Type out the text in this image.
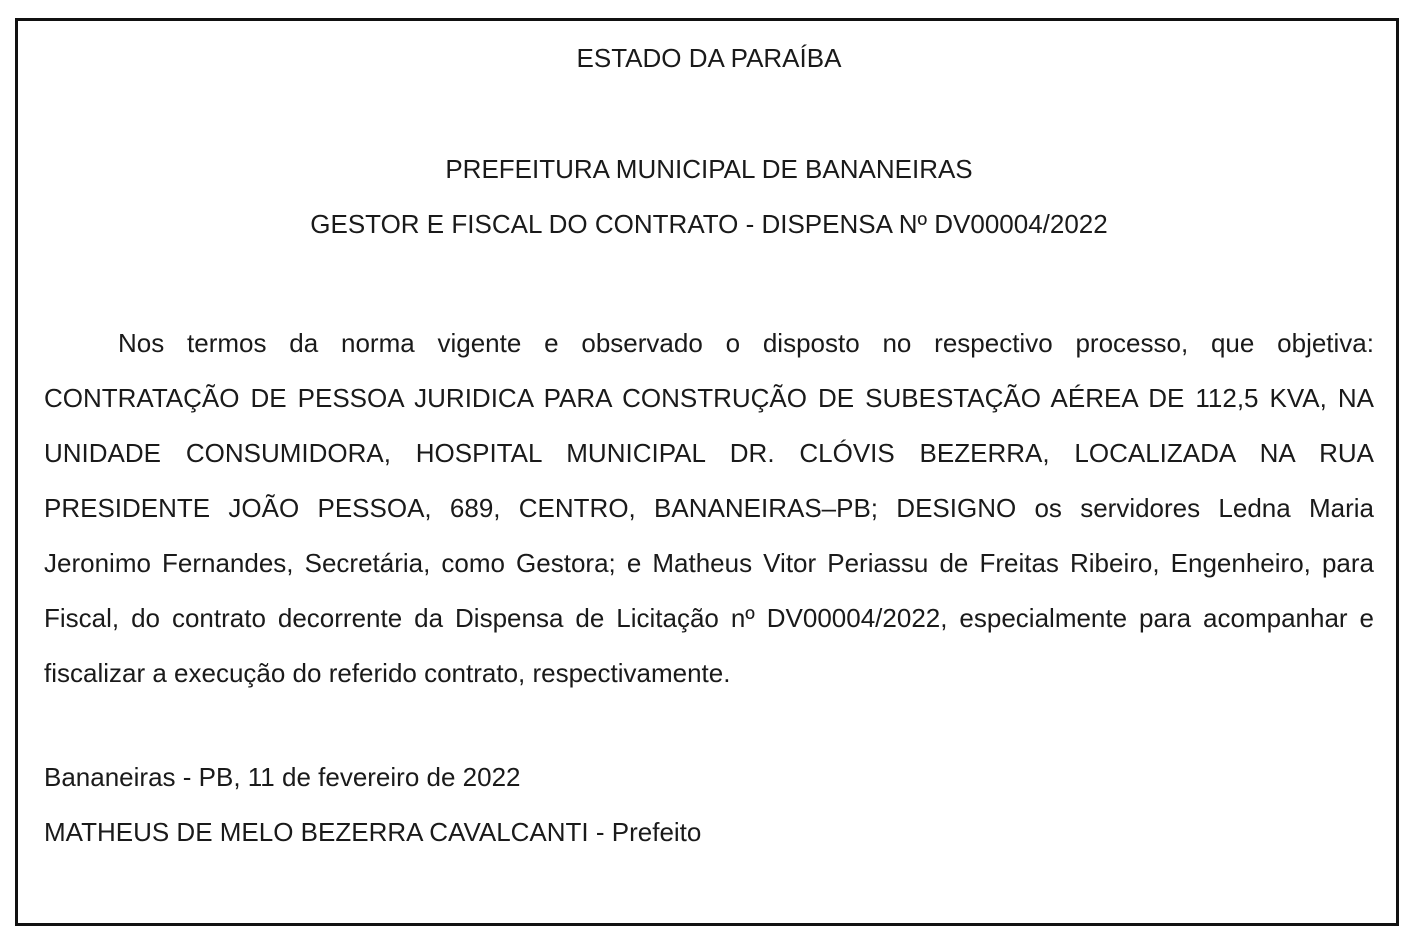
ESTADO DA PARAÍBA
PREFEITURA MUNICIPAL DE BANANEIRAS
GESTOR E FISCAL DO CONTRATO - DISPENSA Nº DV00004/2022

Nos termos da norma vigente e observado o disposto no respectivo processo, que objetiva: CONTRATAÇÃO DE PESSOA JURIDICA PARA CONSTRUÇÃO DE SUBESTAÇÃO AÉREA DE 112,5 KVA, NA UNIDADE CONSUMIDORA, HOSPITAL MUNICIPAL DR. CLÓVIS BEZERRA, LOCALIZADA NA RUA PRESIDENTE JOÃO PESSOA, 689, CENTRO, BANANEIRAS–PB; DESIGNO os servidores Ledna Maria Jeronimo Fernandes, Secretária, como Gestora; e Matheus Vitor Periassu de Freitas Ribeiro, Engenheiro, para Fiscal, do contrato decorrente da Dispensa de Licitação nº DV00004/2022, especialmente para acompanhar e fiscalizar a execução do referido contrato, respectivamente.

Bananeiras - PB, 11 de fevereiro de 2022
MATHEUS DE MELO BEZERRA CAVALCANTI - Prefeito
